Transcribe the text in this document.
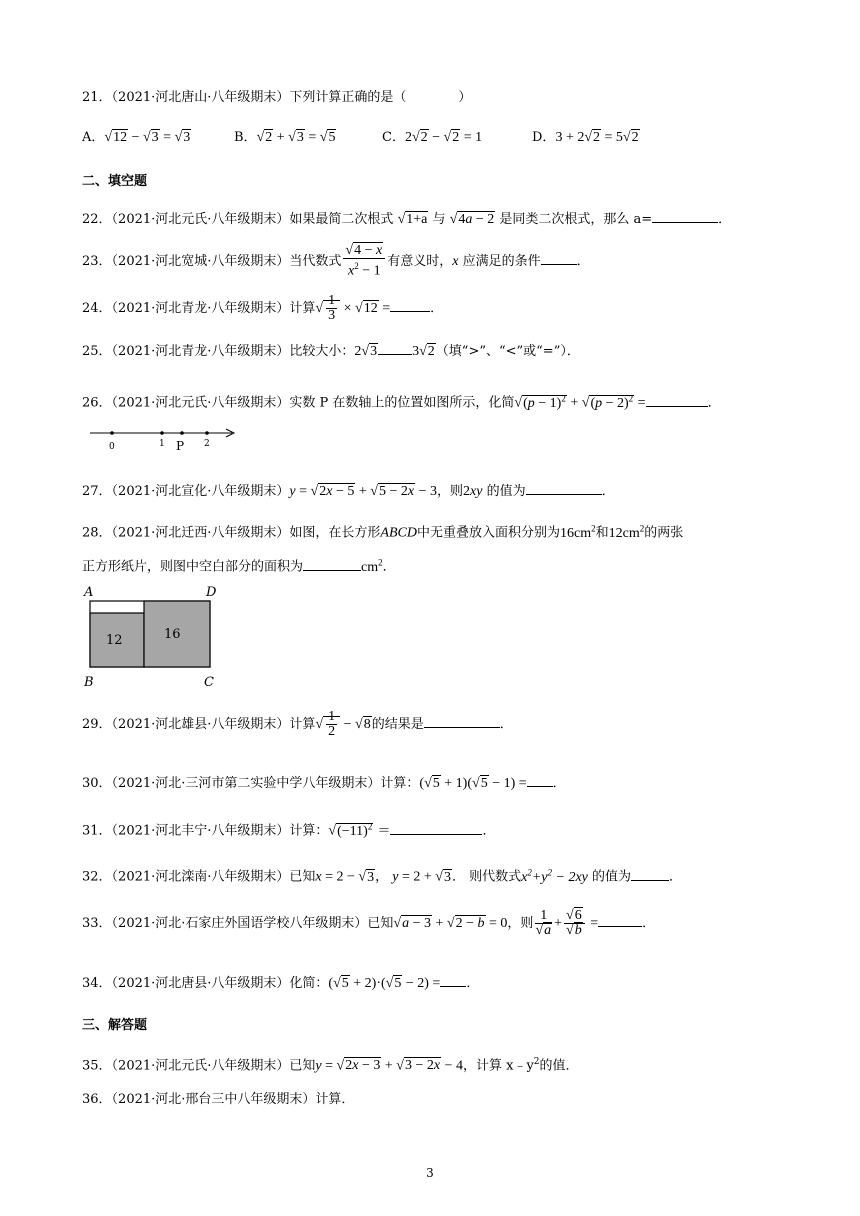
21．（2021·河北唐山·八年级期末）下列计算正确的是（　　　　）
A．√12 − √3 = √3	B．√2 + √3 = √5	C．2√2 − √2 = 1	D．3 + 2√2 = 5√2
二、填空题
22．（2021·河北元氏·八年级期末）如果最简二次根式 √1+a 与 √4a − 2 是同类二次根式，那么 a=	．
23．（2021·河北宽城·八年级期末）当代数式 $\frac{√4 - x}{x^2 - 1}$ 有意义时，x 应满足的条件	．
24．（2021·河北青龙·八年级期末）计算√ $\frac{1}{3} \times √12$ =	．
25．（2021·河北青龙·八年级期末）比较大小：2√3	3√2（填“>”、“<”或“=”）．
26．（2021·河北元氏·八年级期末）实数 P 在数轴上的位置如图所示，化简$√(p - 1)^2 + √(p - 2)^2$ =	．
0	1 P 2
27．（2021·河北宣化·八年级期末）y = √2x − 5 + √5 − 2x − 3，则2xy 的值为	．
28．（2021·河北迁西·八年级期末）如图，在长方形ABCD中无重叠放入面积分别为$16cm^2$和$12cm^2$的两张
正方形纸片，则图中空白部分的面积为	$cm^2$．
12	16
A	D
B	C
29．（2021·河北雄县·八年级期末）计算√ $\frac{1}{2} - √8$的结果是	．
30．（2021·河北·三河市第二实验中学八年级期末）计算：(√5 + 1)(√5 − 1) = ．
31．（2021·河北丰宁·八年级期末）计算：$√(-11)^2$ ＝	．
32．（2021·河北滦南·八年级期末）已知x = 2 − √3， y = 2 + √3． 则代数式$x^2+y^2 - 2xy$ 的值为	．
33．（2021·河北·石家庄外国语学校八年级期末）已知√a − 3 + √2 − b = 0，则 $\frac{1}{√a} + \frac{√6}{√b}$ =	．
34．（2021·河北唐县·八年级期末）化简：(√5 + 2)·(√5 − 2) = ．
三、解答题
35．（2021·河北元氏·八年级期末）已知y = √2x − 3 + √3 − 2x − 4，计算 $x﹣y^2$的值．
36．（2021·河北·邢台三中八年级期末）计算．
3
